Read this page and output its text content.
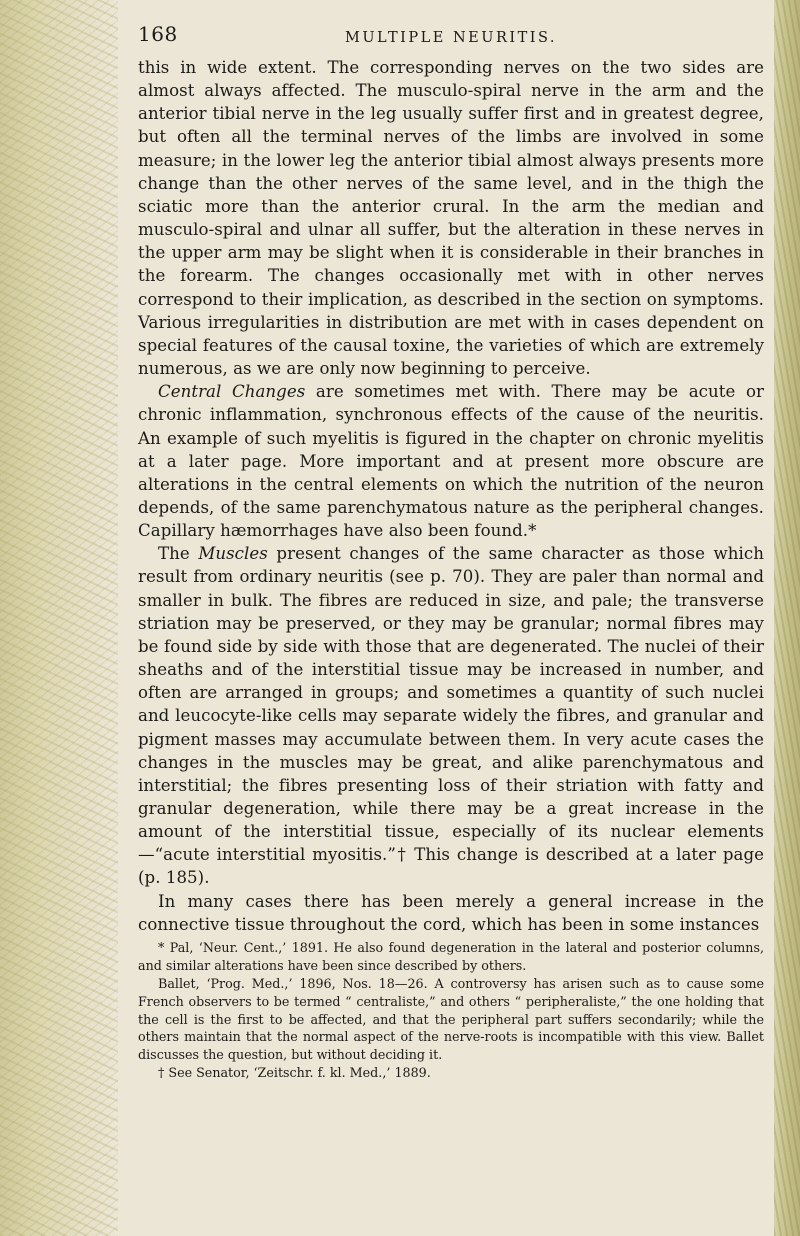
168	MULTIPLE NEURITIS.

this in wide extent. The corresponding nerves on the two sides are almost always affected. The musculo-spiral nerve in the arm and the anterior tibial nerve in the leg usually suffer first and in greatest degree, but often all the terminal nerves of the limbs are involved in some measure; in the lower leg the anterior tibial almost always presents more change than the other nerves of the same level, and in the thigh the sciatic more than the anterior crural. In the arm the median and musculo-spiral and ulnar all suffer, but the alteration in these nerves in the upper arm may be slight when it is considerable in their branches in the forearm. The changes occasionally met with in other nerves correspond to their implication, as described in the section on symptoms. Various irregularities in distribution are met with in cases dependent on special features of the causal toxine, the varieties of which are extremely numerous, as we are only now beginning to perceive.

Central Changes are sometimes met with. There may be acute or chronic inflammation, synchronous effects of the cause of the neuritis. An example of such myelitis is figured in the chapter on chronic myelitis at a later page. More important and at present more obscure are alterations in the central elements on which the nutrition of the neuron depends, of the same parenchymatous nature as the peripheral changes. Capillary hæmorrhages have also been found.*

The Muscles present changes of the same character as those which result from ordinary neuritis (see p. 70). They are paler than normal and smaller in bulk. The fibres are reduced in size, and pale; the transverse striation may be preserved, or they may be granular; normal fibres may be found side by side with those that are degenerated. The nuclei of their sheaths and of the interstitial tissue may be increased in number, and often are arranged in groups; and sometimes a quantity of such nuclei and leucocyte-like cells may separate widely the fibres, and granular and pigment masses may accumulate between them. In very acute cases the changes in the muscles may be great, and alike parenchymatous and interstitial; the fibres presenting loss of their striation with fatty and granular degeneration, while there may be a great increase in the amount of the interstitial tissue, especially of its nuclear elements—“acute interstitial myositis.”† This change is described at a later page (p. 185).

In many cases there has been merely a general increase in the connective tissue throughout the cord, which has been in some instances

* Pal, ‘Neur. Cent.,’ 1891. He also found degeneration in the lateral and posterior columns, and similar alterations have been since described by others.

Ballet, ‘Prog. Med.,’ 1896, Nos. 18—26. A controversy has arisen such as to cause some French observers to be termed “ centraliste,” and others “ peripheraliste,” the one holding that the cell is the first to be affected, and that the peripheral part suffers secondarily; while the others maintain that the normal aspect of the nerve-roots is incompatible with this view. Ballet discusses the question, but without deciding it.

† See Senator, ‘Zeitschr. f. kl. Med.,’ 1889.
